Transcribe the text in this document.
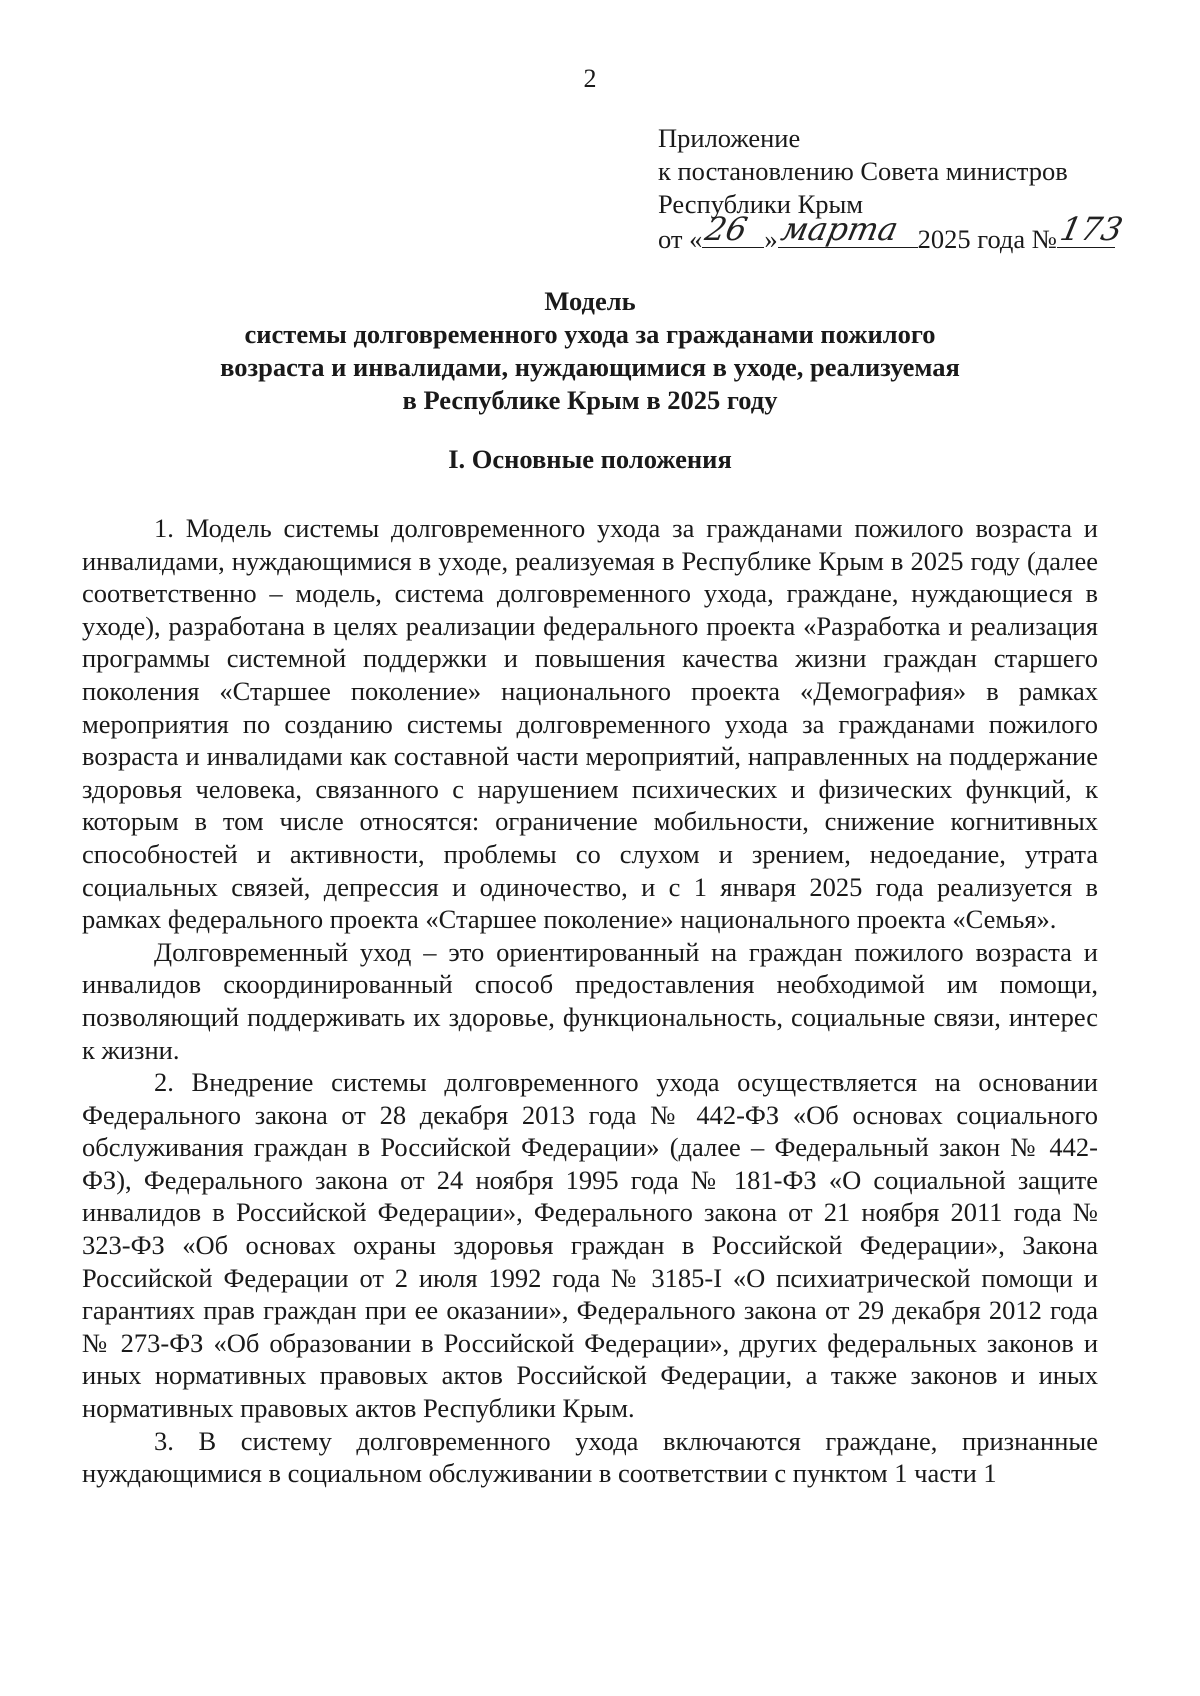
2
Приложение
к постановлению Совета министров
Республики Крым
от « 26 » марта 2025 года № 173
Модель
системы долговременного ухода за гражданами пожилого
возраста и инвалидами, нуждающимися в уходе, реализуемая
в Республике Крым в 2025 году
I. Основные положения

1. Модель системы долговременного ухода за гражданами пожилого возраста и инвалидами, нуждающимися в уходе, реализуемая в Республике Крым в 2025 году (далее соответственно – модель, система долговременного ухода, граждане, нуждающиеся в уходе), разработана в целях реализации федерального проекта «Разработка и реализация программы системной поддержки и повышения качества жизни граждан старшего поколения «Старшее поколение» национального проекта «Демография» в рамках мероприятия по созданию системы долговременного ухода за гражданами пожилого возраста и инвалидами как составной части мероприятий, направленных на поддержание здоровья человека, связанного с нарушением психических и физических функций, к которым в том числе относятся: ограничение мобильности, снижение когнитивных способностей и активности, проблемы со слухом и зрением, недоедание, утрата социальных связей, депрессия и одиночество, и с 1 января 2025 года реализуется в рамках федерального проекта «Старшее поколение» национального проекта «Семья».

Долговременный уход – это ориентированный на граждан пожилого возраста и инвалидов скоординированный способ предоставления необходимой им помощи, позволяющий поддерживать их здоровье, функциональность, социальные связи, интерес к жизни.

2. Внедрение системы долговременного ухода осуществляется на основании Федерального закона от 28 декабря 2013 года № 442-ФЗ «Об основах социального обслуживания граждан в Российской Федерации» (далее – Федеральный закон № 442-ФЗ), Федерального закона от 24 ноября 1995 года № 181-ФЗ «О социальной защите инвалидов в Российской Федерации», Федерального закона от 21 ноября 2011 года № 323-ФЗ «Об основах охраны здоровья граждан в Российской Федерации», Закона Российской Федерации от 2 июля 1992 года № 3185-I «О психиатрической помощи и гарантиях прав граждан при ее оказании», Федерального закона от 29 декабря 2012 года № 273-ФЗ «Об образовании в Российской Федерации», других федеральных законов и иных нормативных правовых актов Российской Федерации, а также законов и иных нормативных правовых актов Республики Крым.

3. В систему долговременного ухода включаются граждане, признанные нуждающимися в социальном обслуживании в соответствии с пунктом 1 части 1
